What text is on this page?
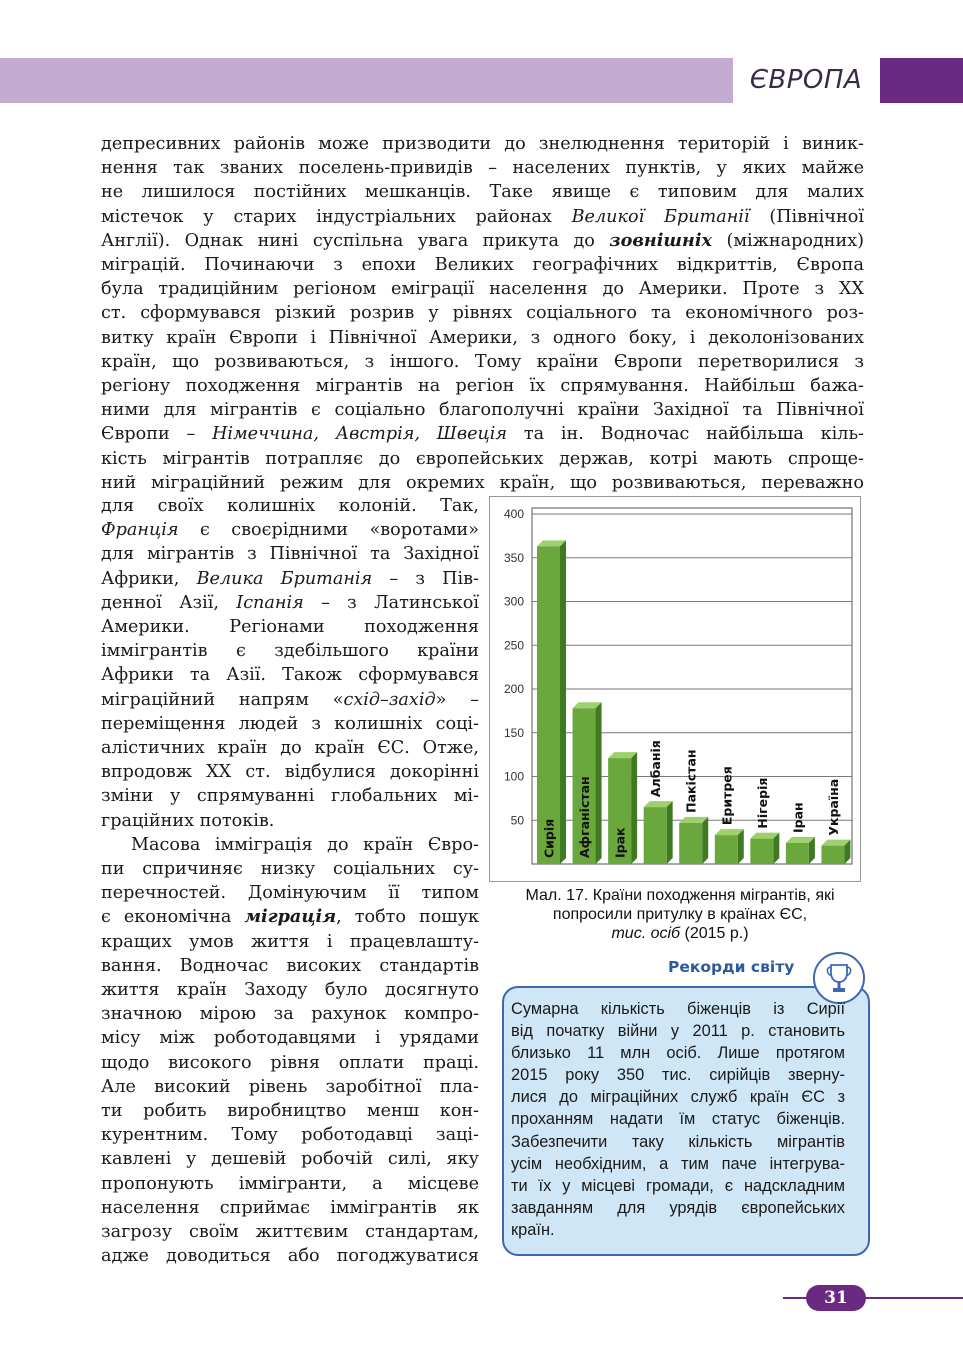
ЄВРОПА
депресивних районів може призводити до знелюднення територій і виник-
нення так званих поселень-привидів – населених пунктів, у яких майже
не лишилося постійних мешканців. Таке явище є типовим для малих
містечок у старих індустріальних районах Великої Британії (Північної
Англії). Однак нині суспільна увага прикута до зовнішніх (міжнародних)
міграцій. Починаючи з епохи Великих географічних відкриттів, Європа
була традиційним регіоном еміграції населення до Америки. Проте з ХХ
ст. сформувався різкий розрив у рівнях соціального та економічного роз-
витку країн Європи і Північної Америки, з одного боку, і деколонізованих
країн, що розвиваються, з іншого. Тому країни Європи перетворилися з
регіону походження мігрантів на регіон їх спрямування. Найбільш бажа-
ними для мігрантів є соціально благополучні країни Західної та Північної
Європи – Німеччина, Австрія, Швеція та ін. Водночас найбільша кіль-
кість мігрантів потрапляє до європейських держав, котрі мають спроще-
ний міграційний режим для окремих країн, що розвиваються, переважно
для своїх колишніх колоній. Так,
Франція є своєрідними «воротами»
для мігрантів з Північної та Західної
Африки, Велика Британія – з Пів-
денної Азії, Іспанія – з Латинської
Америки. Регіонами походження
іммігрантів є здебільшого країни
Африки та Азії. Також сформувався
міграційний напрям «схід–захід» –
переміщення людей з колишніх соці-
алістичних країн до країн ЄС. Отже,
впродовж ХХ ст. відбулися докорінні
зміни у спрямуванні глобальних мі-
граційних потоків.
Масова імміграція до країн Євро-
пи спричиняє низку соціальних су-
перечностей. Домінуючим її типом
є економічна міграція, тобто пошук
кращих умов життя і працевлашту-
вання. Водночас високих стандартів
життя країн Заходу було досягнуто
значною мірою за рахунок компро-
місу між роботодавцями і урядами
щодо високого рівня оплати праці.
Але високий рівень заробітної пла-
ти робить виробництво менш кон-
курентним. Тому роботодавці заці-
кавлені у дешевій робочій силі, яку
пропонують іммігранти, а місцеве
населення сприймає іммігрантів як
загрозу своїм життєвим стандартам,
адже доводиться або погоджуватися
400
350
300
250
200
150
100
50 Сирія Афганістан Ірак
Албанія Пакістан Еритрея Нігерія Іран Україна
Мал. 17. Країни походження мігрантів, які
попросили притулку в країнах ЄС,
тис. осіб (2015 р.)
Рекорди світу
Сумарна кількість біженців із Сирії
від початку війни у 2011 р. становить
близько 11 млн осіб. Лише протягом
2015 року 350 тис. сирійців зверну-
лися до міграційних служб країн ЄС з
проханням надати їм статус біженців.
Забезпечити таку кількість мігрантів
усім необхідним, а тим паче інтегрува-
ти їх у місцеві громади, є надскладним
завданням для урядів європейських
країн.
31
